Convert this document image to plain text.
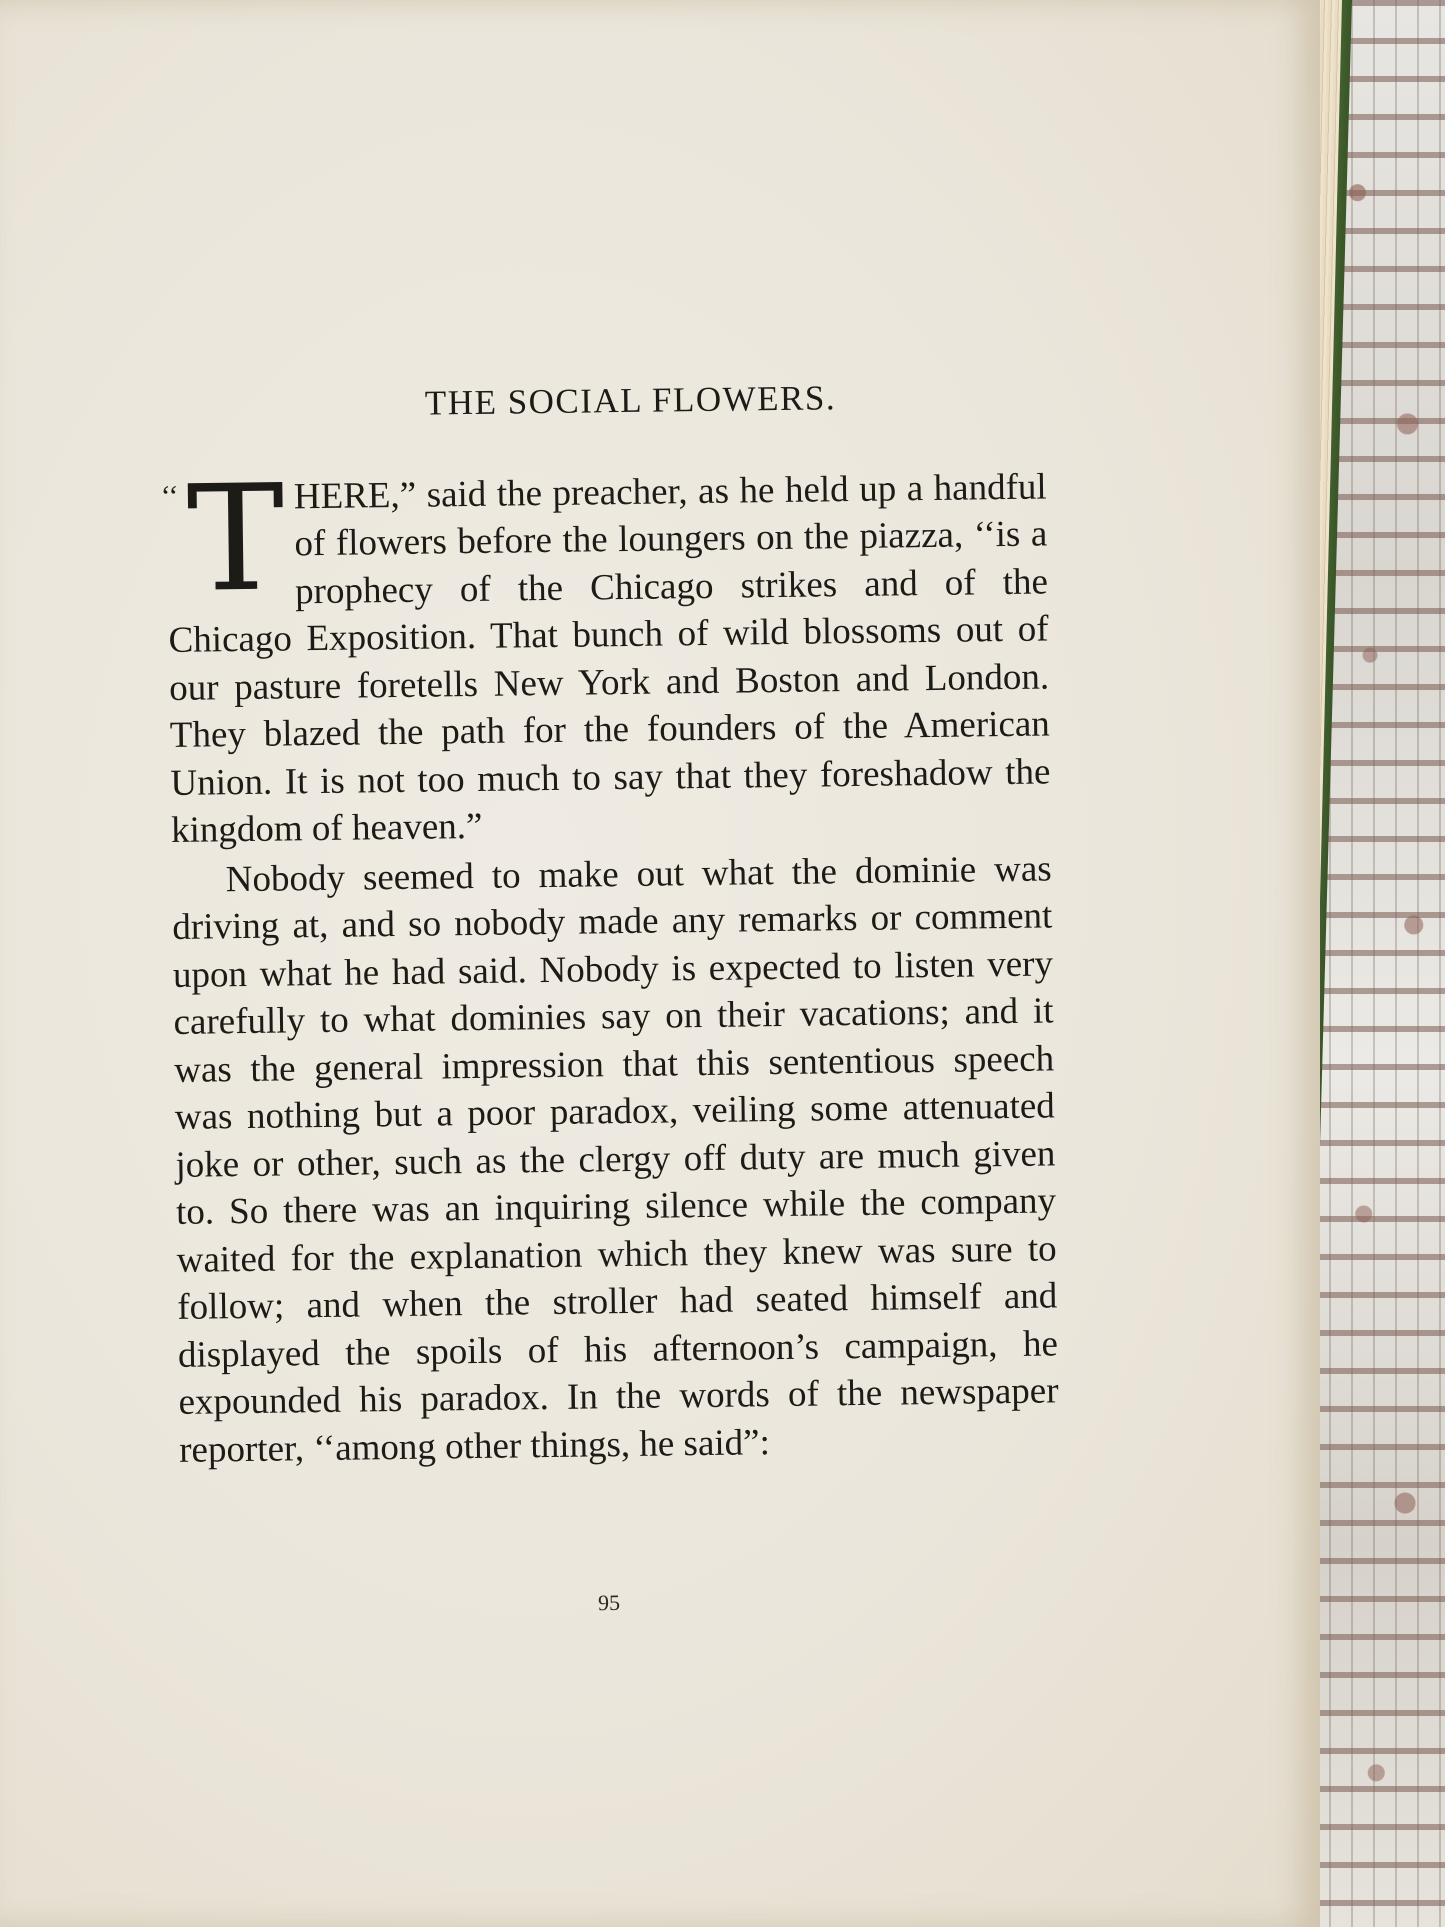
THE SOCIAL FLOWERS.

‘‘ T HERE,” said the preacher, as he held up a handful of flowers before the loungers on the piazza, ‘‘is a prophecy of the Chicago strikes and of the Chicago Exposition. That bunch of wild blossoms out of our pasture foretells New York and Boston and London. They blazed the path for the founders of the American Union. It is not too much to say that they foreshadow the kingdom of heaven.”

Nobody seemed to make out what the dominie was driving at, and so nobody made any remarks or comment upon what he had said. Nobody is expected to listen very carefully to what dominies say on their vacations; and it was the general impression that this sententious speech was nothing but a poor paradox, veiling some attenuated joke or other, such as the clergy off duty are much given to. So there was an inquiring silence while the company waited for the explanation which they knew was sure to follow; and when the stroller had seated himself and displayed the spoils of his afternoon’s campaign, he expounded his paradox. In the words of the newspaper reporter, ‘‘among other things, he said”:

95
